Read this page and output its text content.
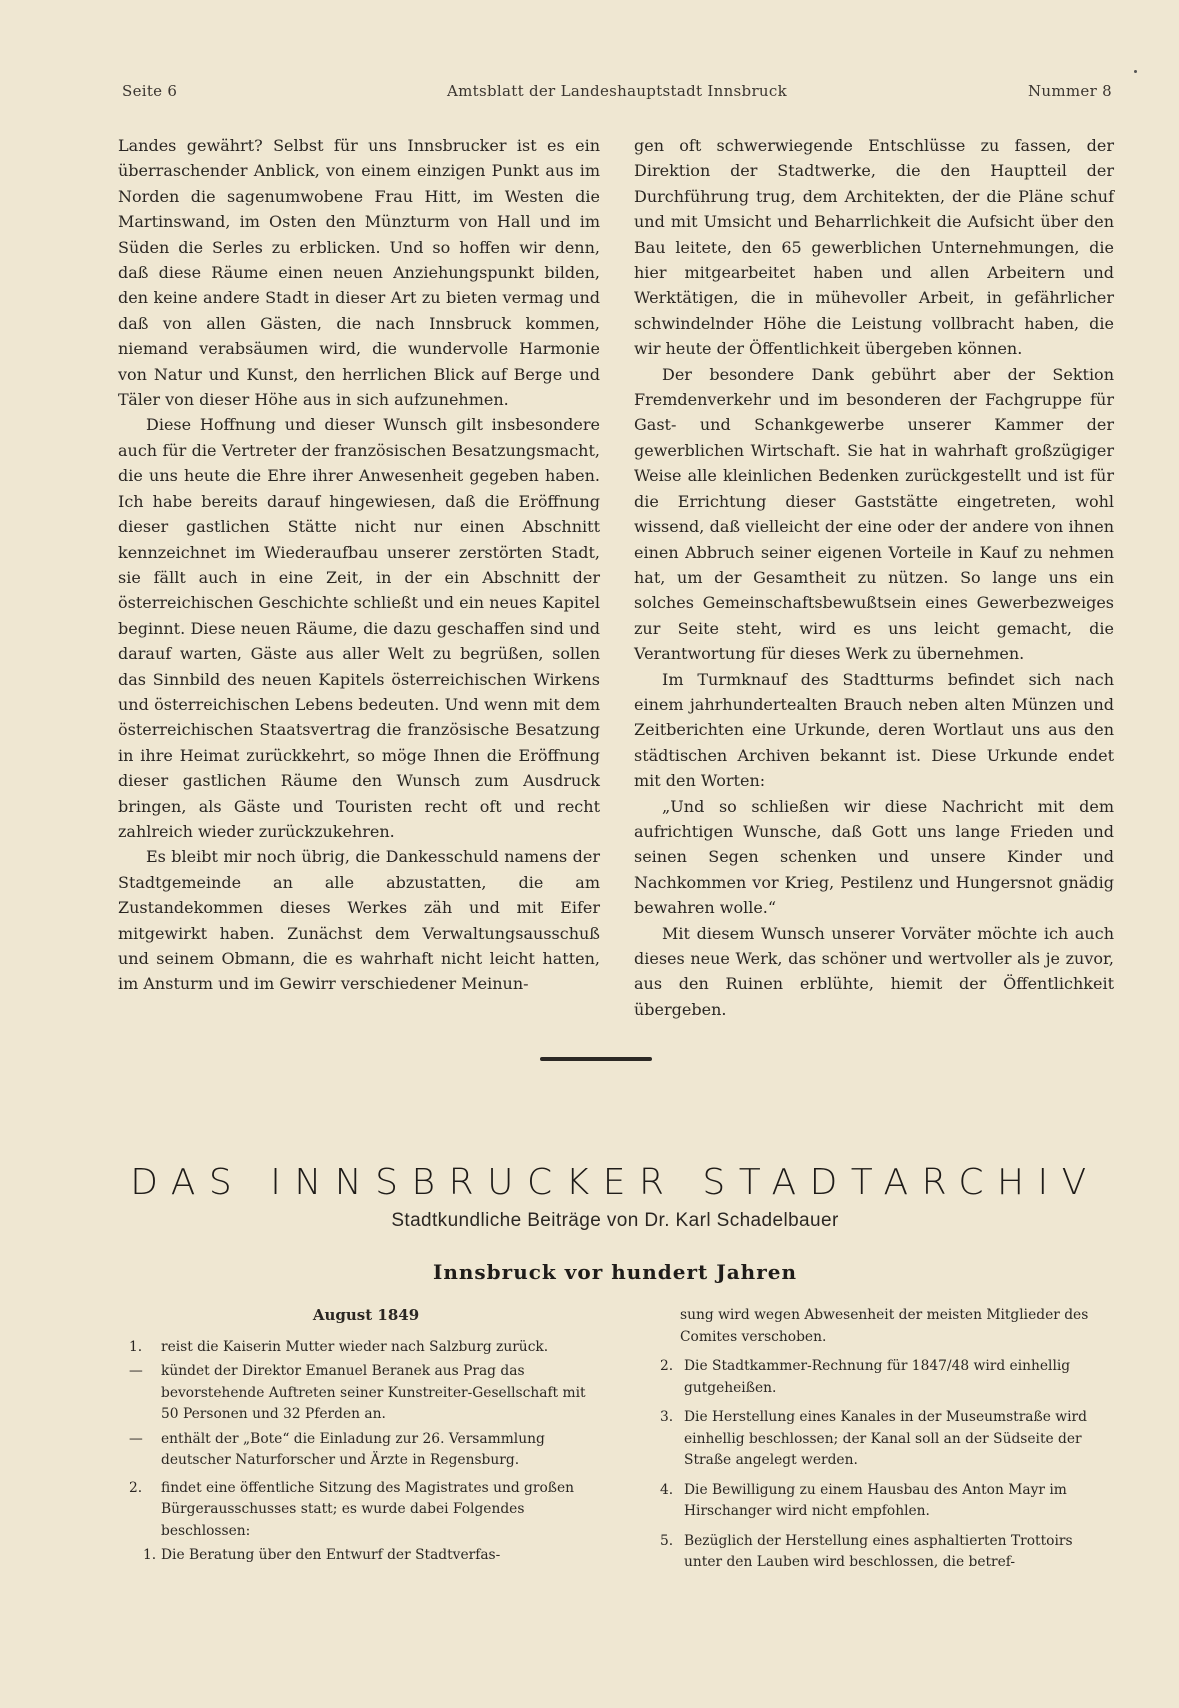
Seite 6	Amtsblatt der Landeshauptstadt Innsbruck	Nummer 8

Landes gewährt? Selbst für uns Innsbrucker ist es ein überraschender Anblick, von einem einzigen Punkt aus im Norden die sagenumwobene Frau Hitt, im Westen die Martinswand, im Osten den Münzturm von Hall und im Süden die Serles zu erblicken. Und so hoffen wir denn, daß diese Räume einen neuen Anziehungspunkt bilden, den keine andere Stadt in dieser Art zu bieten vermag und daß von allen Gästen, die nach Innsbruck kommen, niemand verabsäumen wird, die wundervolle Harmonie von Natur und Kunst, den herrlichen Blick auf Berge und Täler von dieser Höhe aus in sich aufzunehmen.

Diese Hoffnung und dieser Wunsch gilt insbesondere auch für die Vertreter der französischen Besatzungsmacht, die uns heute die Ehre ihrer Anwesenheit gegeben haben. Ich habe bereits darauf hingewiesen, daß die Eröffnung dieser gastlichen Stätte nicht nur einen Abschnitt kennzeichnet im Wiederaufbau unserer zerstörten Stadt, sie fällt auch in eine Zeit, in der ein Abschnitt der österreichischen Geschichte schließt und ein neues Kapitel beginnt. Diese neuen Räume, die dazu geschaffen sind und darauf warten, Gäste aus aller Welt zu begrüßen, sollen das Sinnbild des neuen Kapitels österreichischen Wirkens und österreichischen Lebens bedeuten. Und wenn mit dem österreichischen Staatsvertrag die französische Besatzung in ihre Heimat zurückkehrt, so möge Ihnen die Eröffnung dieser gastlichen Räume den Wunsch zum Ausdruck bringen, als Gäste und Touristen recht oft und recht zahlreich wieder zurückzukehren.

Es bleibt mir noch übrig, die Dankesschuld namens der Stadtgemeinde an alle abzustatten, die am Zustandekommen dieses Werkes zäh und mit Eifer mitgewirkt haben. Zunächst dem Verwaltungsausschuß und seinem Obmann, die es wahrhaft nicht leicht hatten, im Ansturm und im Gewirr verschiedener Meinun-

gen oft schwerwiegende Entschlüsse zu fassen, der Direktion der Stadtwerke, die den Hauptteil der Durchführung trug, dem Architekten, der die Pläne schuf und mit Umsicht und Beharrlichkeit die Aufsicht über den Bau leitete, den 65 gewerblichen Unternehmungen, die hier mitgearbeitet haben und allen Arbeitern und Werktätigen, die in mühevoller Arbeit, in gefährlicher schwindelnder Höhe die Leistung vollbracht haben, die wir heute der Öffentlichkeit übergeben können.

Der besondere Dank gebührt aber der Sektion Fremdenverkehr und im besonderen der Fachgruppe für Gast- und Schankgewerbe unserer Kammer der gewerblichen Wirtschaft. Sie hat in wahrhaft großzügiger Weise alle kleinlichen Bedenken zurückgestellt und ist für die Errichtung dieser Gaststätte eingetreten, wohl wissend, daß vielleicht der eine oder der andere von ihnen einen Abbruch seiner eigenen Vorteile in Kauf zu nehmen hat, um der Gesamtheit zu nützen. So lange uns ein solches Gemeinschaftsbewußtsein eines Gewerbezweiges zur Seite steht, wird es uns leicht gemacht, die Verantwortung für dieses Werk zu übernehmen.

Im Turmknauf des Stadtturms befindet sich nach einem jahrhundertealten Brauch neben alten Münzen und Zeitberichten eine Urkunde, deren Wortlaut uns aus den städtischen Archiven bekannt ist. Diese Urkunde endet mit den Worten:

„Und so schließen wir diese Nachricht mit dem aufrichtigen Wunsche, daß Gott uns lange Frieden und seinen Segen schenken und unsere Kinder und Nachkommen vor Krieg, Pestilenz und Hungersnot gnädig bewahren wolle.“

Mit diesem Wunsch unserer Vorväter möchte ich auch dieses neue Werk, das schöner und wertvoller als je zuvor, aus den Ruinen erblühte, hiemit der Öffentlichkeit übergeben.

DAS INNSBRUCKER STADTARCHIV
Stadtkundliche Beiträge von Dr. Karl Schadelbauer
Innsbruck vor hundert Jahren
August 1849
1.	reist die Kaiserin Mutter wieder nach Salzburg zurück.
—	kündet der Direktor Emanuel Beranek aus Prag das bevorstehende Auftreten seiner Kunstreiter-Gesellschaft mit 50 Personen und 32 Pferden an.
—	enthält der „Bote“ die Einladung zur 26. Versammlung deutscher Naturforscher und Ärzte in Regensburg.
2.	findet eine öffentliche Sitzung des Magistrates und großen Bürgerausschusses statt; es wurde dabei Folgendes beschlossen:
1. Die Beratung über den Entwurf der Stadtverfas-
sung wird wegen Abwesenheit der meisten Mitglieder des Comites verschoben.
2. Die Stadtkammer-Rechnung für 1847/48 wird einhellig gutgeheißen.
3. Die Herstellung eines Kanales in der Museumstraße wird einhellig beschlossen; der Kanal soll an der Südseite der Straße angelegt werden.
4. Die Bewilligung zu einem Hausbau des Anton Mayr im Hirschanger wird nicht empfohlen.
5. Bezüglich der Herstellung eines asphaltierten Trottoirs unter den Lauben wird beschlossen, die betref-
